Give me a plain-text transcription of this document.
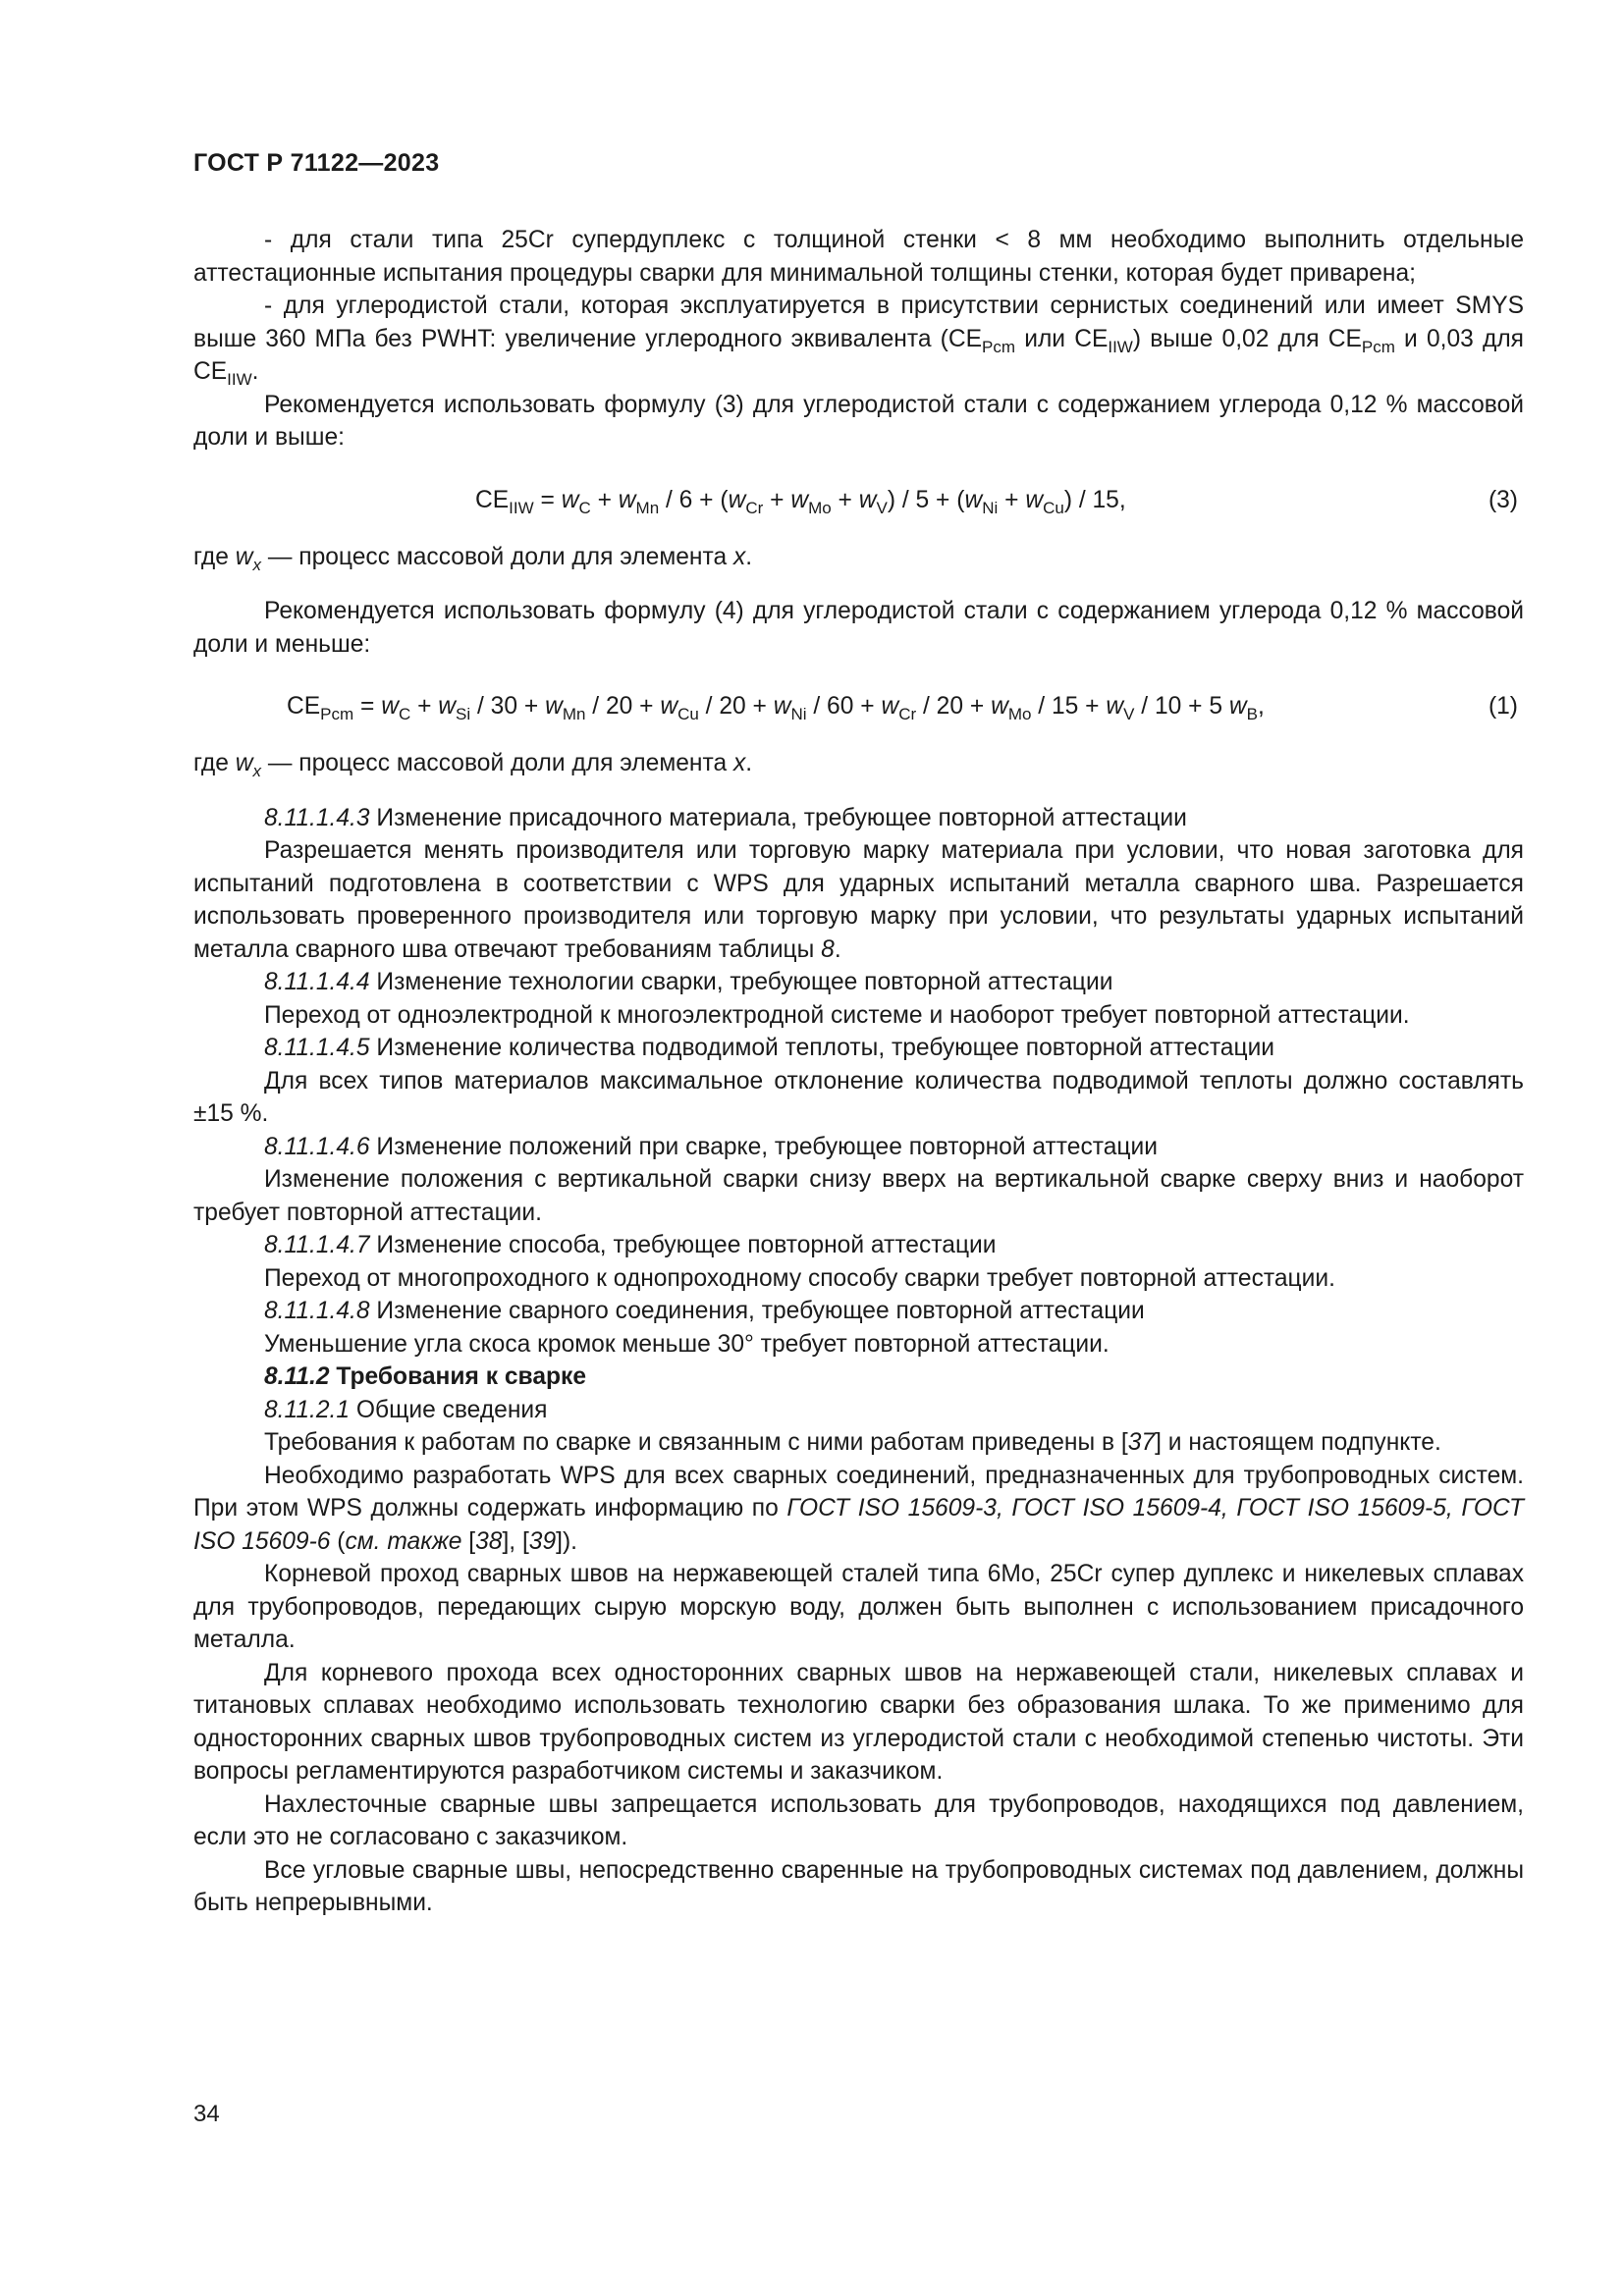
ГОСТ Р 71122—2023

- для стали типа 25Cr супердуплекс с толщиной стенки < 8 мм необходимо выполнить отдельные аттестационные испытания процедуры сварки для минимальной толщины стенки, которая будет приварена;

- для углеродистой стали, которая эксплуатируется в присутствии сернистых соединений или имеет SMYS выше 360 МПа без PWHT: увеличение углеродного эквивалента ($CE_{Pcm}$ или $CE_{IIW}$) выше 0,02 для $CE_{Pcm}$ и 0,03 для $CE_{IIW}$.

Рекомендуется использовать формулу (3) для углеродистой стали с содержанием углерода 0,12 % массовой доли и выше:

$CE_{IIW} = w_C + w_{Mn} / 6 + (w_{Cr} + w_{Mo} + w_V) / 5 + (w_{Ni} + w_{Cu}) / 15$,	(3)

где $w_x$ — процесс массовой доли для элемента x.

Рекомендуется использовать формулу (4) для углеродистой стали с содержанием углерода 0,12 % массовой доли и меньше:

$CE_{Pcm} = w_C + w_{Si} / 30 + w_{Mn} / 20 + w_{Cu} / 20 + w_{Ni} / 60 + w_{Cr} / 20 + w_{Mo} / 15 + w_V / 10 + 5$ $w_B$,	(1)

где $w_x$ — процесс массовой доли для элемента x.

8.11.1.4.3 Изменение присадочного материала, требующее повторной аттестации

Разрешается менять производителя или торговую марку материала при условии, что новая заготовка для испытаний подготовлена в соответствии с WPS для ударных испытаний металла сварного шва. Разрешается использовать проверенного производителя или торговую марку при условии, что результаты ударных испытаний металла сварного шва отвечают требованиям таблицы 8.

8.11.1.4.4 Изменение технологии сварки, требующее повторной аттестации

Переход от одноэлектродной к многоэлектродной системе и наоборот требует повторной аттестации.

8.11.1.4.5 Изменение количества подводимой теплоты, требующее повторной аттестации

Для всех типов материалов максимальное отклонение количества подводимой теплоты должно составлять ±15 %.

8.11.1.4.6 Изменение положений при сварке, требующее повторной аттестации

Изменение положения с вертикальной сварки снизу вверх на вертикальной сварке сверху вниз и наоборот требует повторной аттестации.

8.11.1.4.7 Изменение способа, требующее повторной аттестации

Переход от многопроходного к однопроходному способу сварки требует повторной аттестации.

8.11.1.4.8 Изменение сварного соединения, требующее повторной аттестации

Уменьшение угла скоса кромок меньше 30° требует повторной аттестации.

8.11.2 Требования к сварке

8.11.2.1 Общие сведения

Требования к работам по сварке и связанным с ними работам приведены в [37] и настоящем подпункте.

Необходимо разработать WPS для всех сварных соединений, предназначенных для трубопроводных систем. При этом WPS должны содержать информацию по ГОСТ ISO 15609-3, ГОСТ ISO 15609-4, ГОСТ ISO 15609-5, ГОСТ ISO 15609-6 (см. также [38], [39]).

Корневой проход сварных швов на нержавеющей сталей типа 6Mo, 25Cr супер дуплекс и никелевых сплавах для трубопроводов, передающих сырую морскую воду, должен быть выполнен с использованием присадочного металла.

Для корневого прохода всех односторонних сварных швов на нержавеющей стали, никелевых сплавах и титановых сплавах необходимо использовать технологию сварки без образования шлака. То же применимо для односторонних сварных швов трубопроводных систем из углеродистой стали с необходимой степенью чистоты. Эти вопросы регламентируются разработчиком системы и заказчиком.

Нахлесточные сварные швы запрещается использовать для трубопроводов, находящихся под давлением, если это не согласовано с заказчиком.

Все угловые сварные швы, непосредственно сваренные на трубопроводных системах под давлением, должны быть непрерывными.

34
